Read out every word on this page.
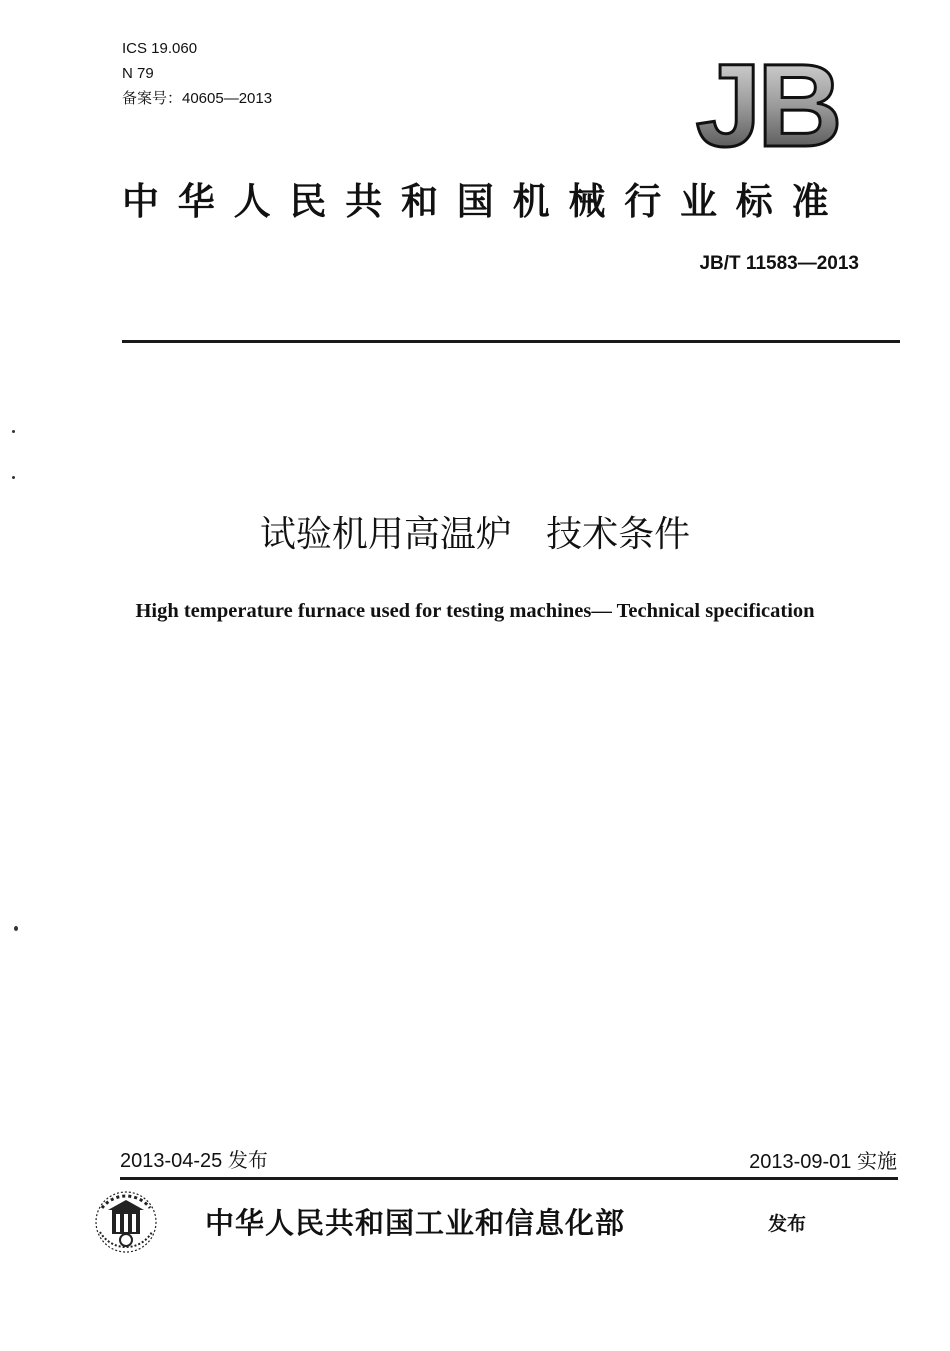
ICS 19.060
N 79
备案号：40605—2013	JB
中华人民共和国机械行业标准
JB/T 11583—2013
试验机用高温炉   技术条件
High temperature furnace used for testing machines— Technical specification
2013-04-25 发布	2013-09-01 实施
中华人民共和国工业和信息化部	发布
